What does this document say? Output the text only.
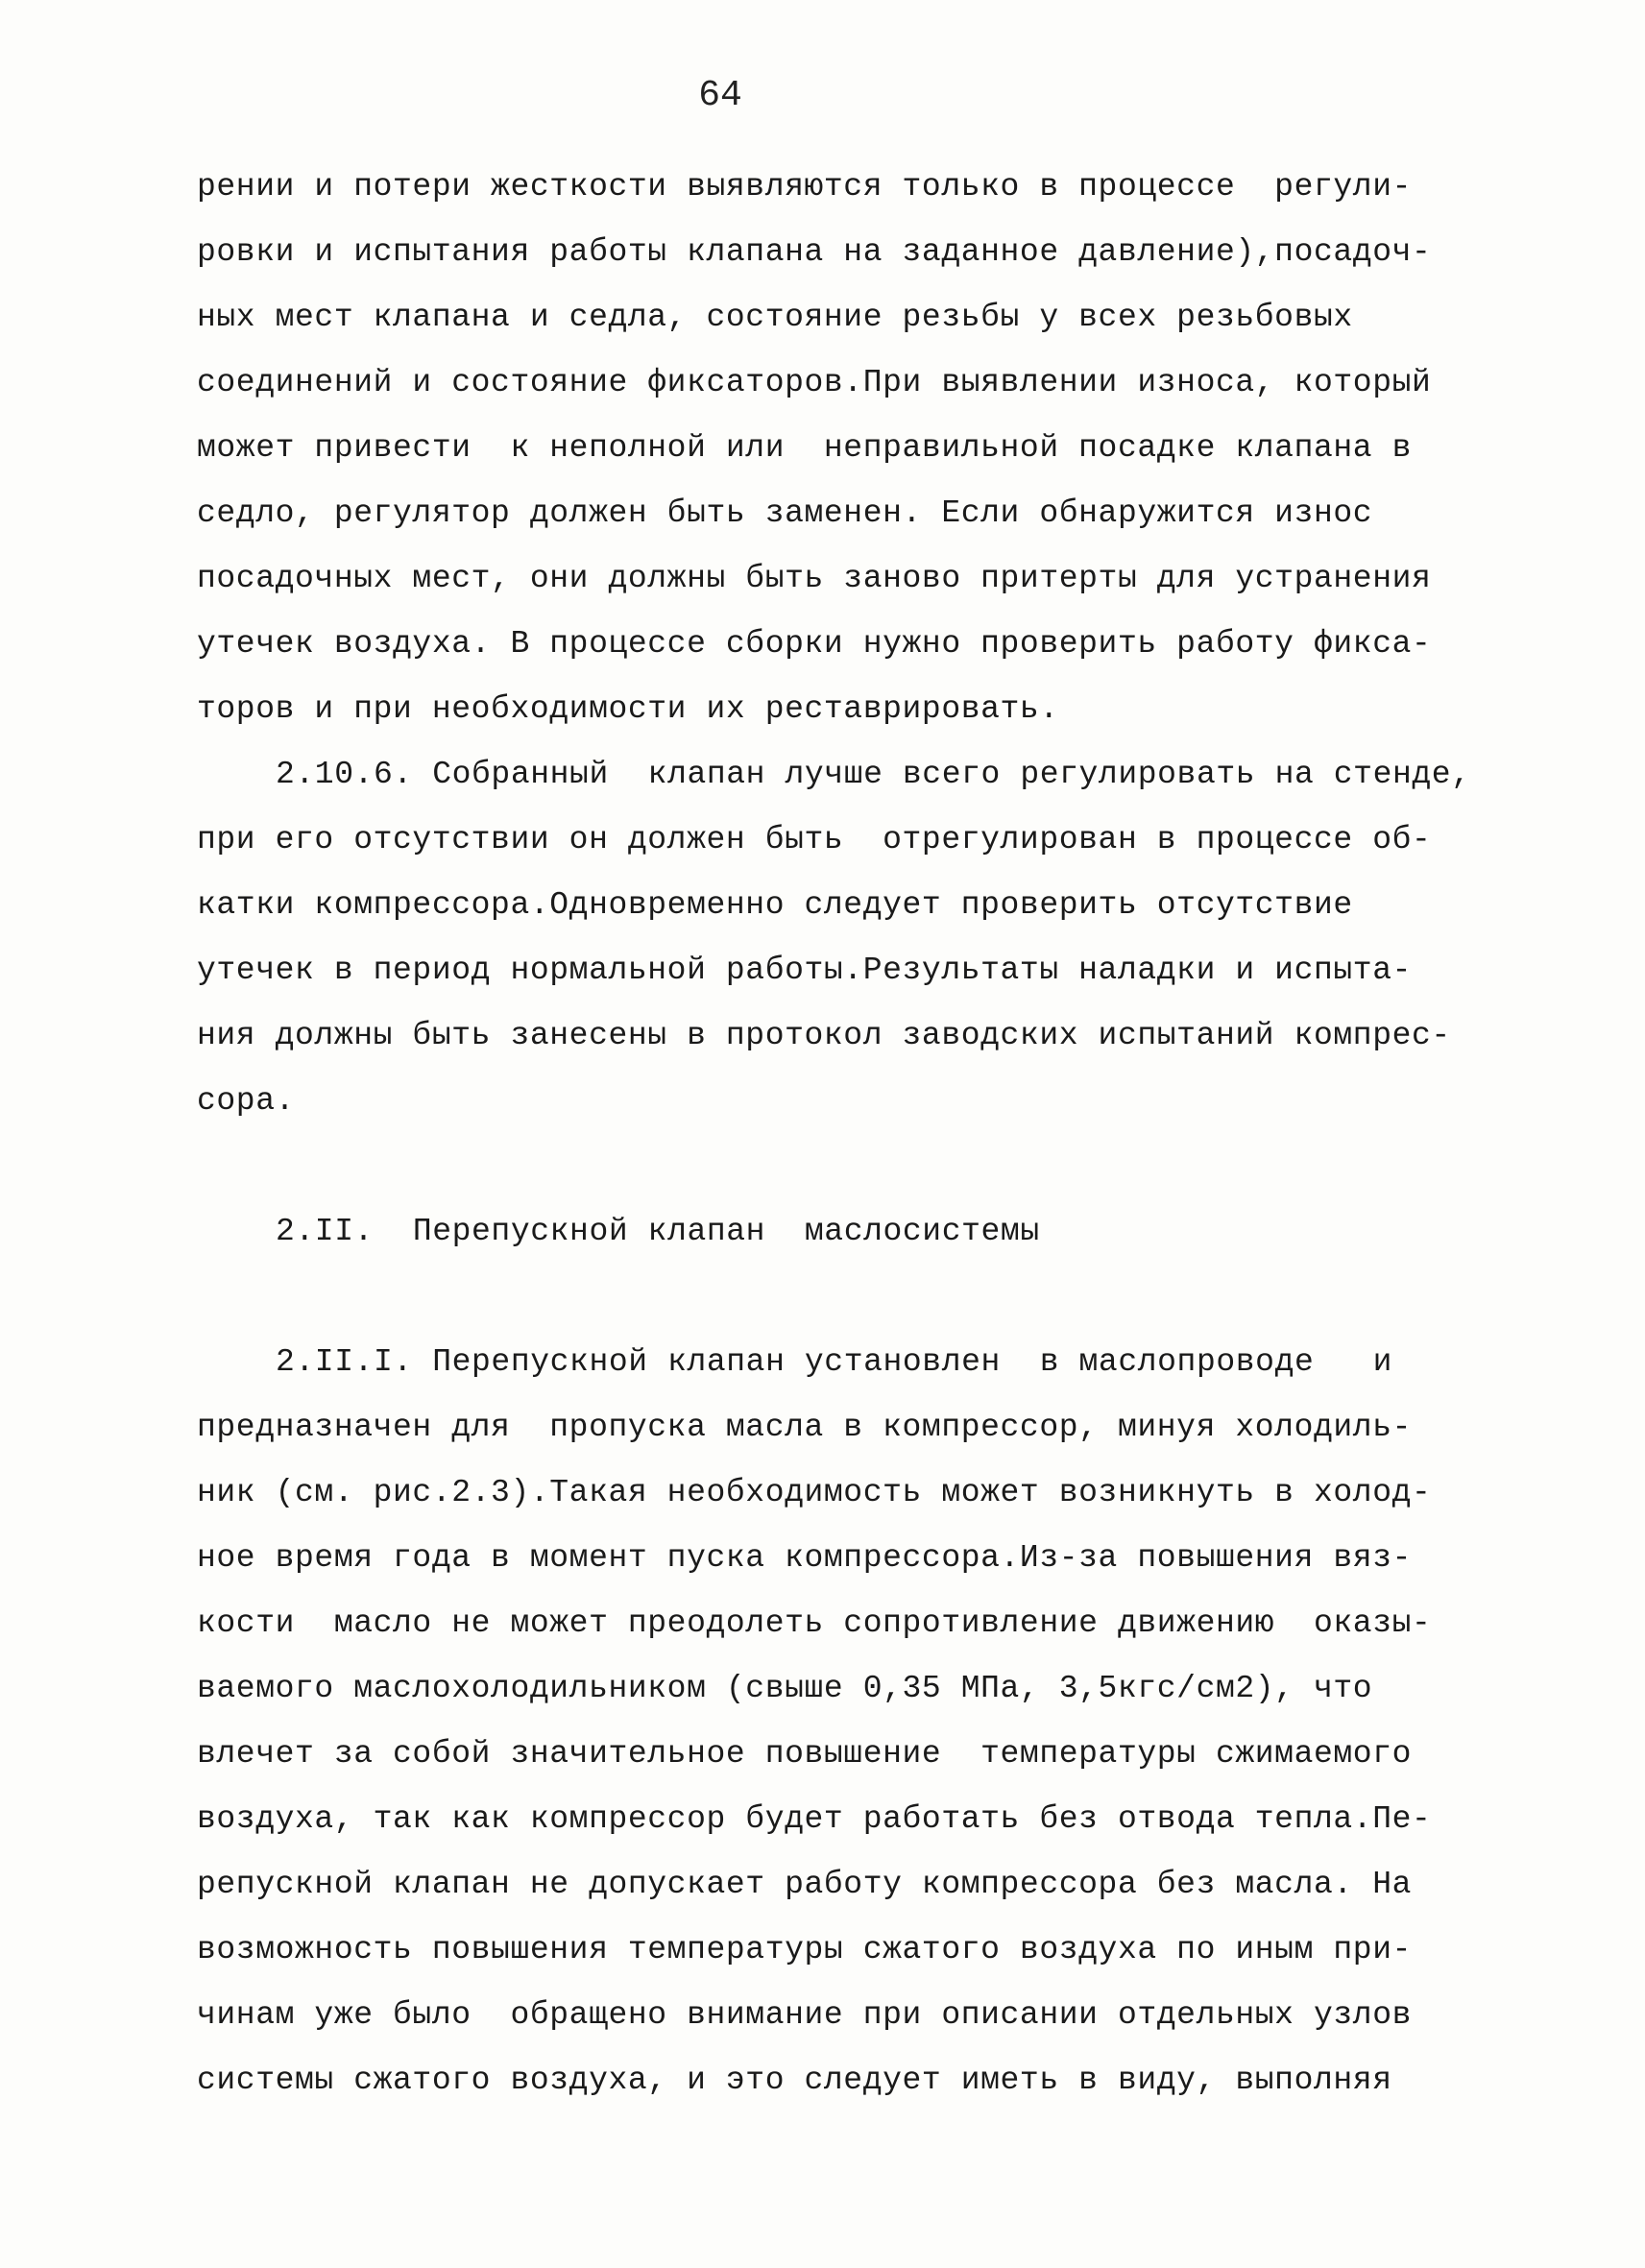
64
рении и потери жесткости выявляются только в процессе  регули-
ровки и испытания работы клапана на заданное давление),посадоч-
ных мест клапана и седла, состояние резьбы у всех резьбовых
соединений и состояние фиксаторов.При выявлении износа, который
может привести  к неполной или  неправильной посадке клапана в
седло, регулятор должен быть заменен. Если обнаружится износ
посадочных мест, они должны быть заново притерты для устранения
утечек воздуха. В процессе сборки нужно проверить работу фикса-
торов и при необходимости их реставрировать.
2.10.6. Собранный  клапан лучше всего регулировать на стенде,
при его отсутствии он должен быть  отрегулирован в процессе об-
катки компрессора.Одновременно следует проверить отсутствие
утечек в период нормальной работы.Результаты наладки и испыта-
ния должны быть занесены в протокол заводских испытаний компрес-
сора.
2.II.  Перепускной клапан  маслосистемы
2.II.I. Перепускной клапан установлен  в маслопроводе   и
предназначен для  пропуска масла в компрессор, минуя холодиль-
ник (см. рис.2.3).Такая необходимость может возникнуть в холод-
ное время года в момент пуска компрессора.Из-за повышения вяз-
кости  масло не может преодолеть сопротивление движению  оказы-
ваемого маслохолодильником (свыше 0,35 МПа, 3,5кгс/см2), что
влечет за собой значительное повышение  температуры сжимаемого
воздуха, так как компрессор будет работать без отвода тепла.Пе-
репускной клапан не допускает работу компрессора без масла. На
возможность повышения температуры сжатого воздуха по иным при-
чинам уже было  обращено внимание при описании отдельных узлов
системы сжатого воздуха, и это следует иметь в виду, выполняя
